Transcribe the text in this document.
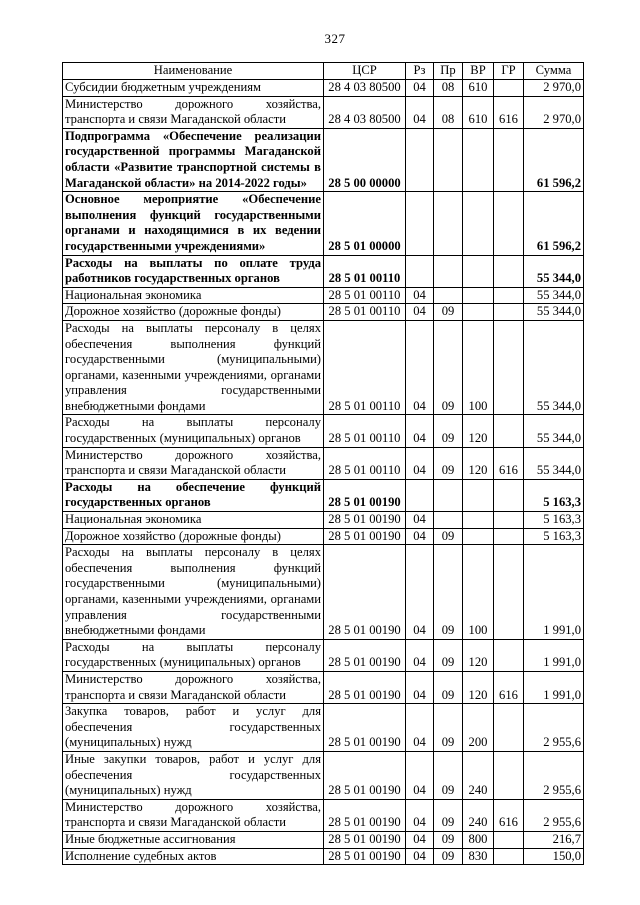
327
Наименование	ЦСР	Рз	Пр	ВР	ГР	Сумма
Субсидии бюджетным учреждениям	28 4 03 80500	04	08	610		2 970,0
Министерство дорожного хозяйства, транспорта и связи Магаданской области	28 4 03 80500	04	08	610	616	2 970,0
Подпрограмма «Обеспечение реализации государственной программы Магаданской области «Развитие транспортной системы в Магаданской области» на 2014-2022 годы»	28 5 00 00000					61 596,2
Основное мероприятие «Обеспечение выполнения функций государственными органами и находящимися в их ведении государственными учреждениями»	28 5 01 00000					61 596,2
Расходы на выплаты по оплате труда работников государственных органов	28 5 01 00110					55 344,0
Национальная экономика	28 5 01 00110	04				55 344,0
Дорожное хозяйство (дорожные фонды)	28 5 01 00110	04	09			55 344,0
Расходы на выплаты персоналу в целях обеспечения выполнения функций государственными (муниципальными) органами, казенными учреждениями, органами управления государственными внебюджетными фондами	28 5 01 00110	04	09	100		55 344,0
Расходы на выплаты персоналу государственных (муниципальных) органов	28 5 01 00110	04	09	120		55 344,0
Министерство дорожного хозяйства, транспорта и связи Магаданской области	28 5 01 00110	04	09	120	616	55 344,0
Расходы на обеспечение функций государственных органов	28 5 01 00190					5 163,3
Национальная экономика	28 5 01 00190	04				5 163,3
Дорожное хозяйство (дорожные фонды)	28 5 01 00190	04	09			5 163,3
Расходы на выплаты персоналу в целях обеспечения выполнения функций государственными (муниципальными) органами, казенными учреждениями, органами управления государственными внебюджетными фондами	28 5 01 00190	04	09	100		1 991,0
Расходы на выплаты персоналу государственных (муниципальных) органов	28 5 01 00190	04	09	120		1 991,0
Министерство дорожного хозяйства, транспорта и связи Магаданской области	28 5 01 00190	04	09	120	616	1 991,0
Закупка товаров, работ и услуг для обеспечения государственных (муниципальных) нужд	28 5 01 00190	04	09	200		2 955,6
Иные закупки товаров, работ и услуг для обеспечения государственных (муниципальных) нужд	28 5 01 00190	04	09	240		2 955,6
Министерство дорожного хозяйства, транспорта и связи Магаданской области	28 5 01 00190	04	09	240	616	2 955,6
Иные бюджетные ассигнования	28 5 01 00190	04	09	800		216,7
Исполнение судебных актов	28 5 01 00190	04	09	830		150,0
